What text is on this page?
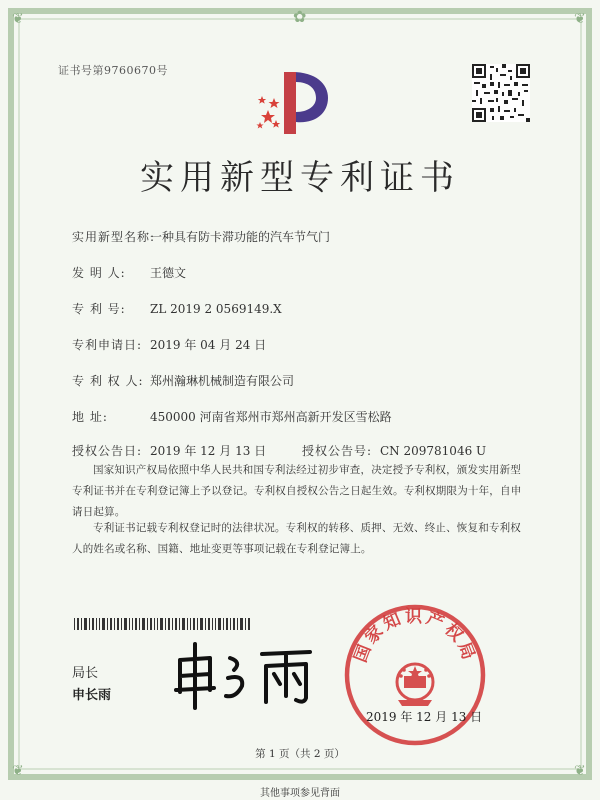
❦	❦
❦	❦
✿
证书号第9760670号
实用新型专利证书
实用新型名称:一种具有防卡滞功能的汽车节气门
发 明 人: 王德文
专 利 号: ZL 2019 2 0569149.X
专利申请日: 2019 年 04 月 24 日
专 利 权 人: 郑州瀚琳机械制造有限公司
地 址:	450000 河南省郑州市郑州高新开发区雪松路
授权公告日: 2019 年 12 月 13 日	授权公告号: CN 209781046 U
国家知识产权局依照中华人民共和国专利法经过初步审查，决定授予专利权，颁发实用新型专利证书并在专利登记簿上予以登记。专利权自授权公告之日起生效。专利权期限为十年，自申请日起算。
专利证书记载专利权登记时的法律状况。专利权的转移、质押、无效、终止、恢复和专利权人的姓名或名称、国籍、地址变更等事项记载在专利登记簿上。
局长
申长雨
国家知识产权局
2019 年 12 月 13 日
第 1 页（共 2 页）
其他事项参见背面
